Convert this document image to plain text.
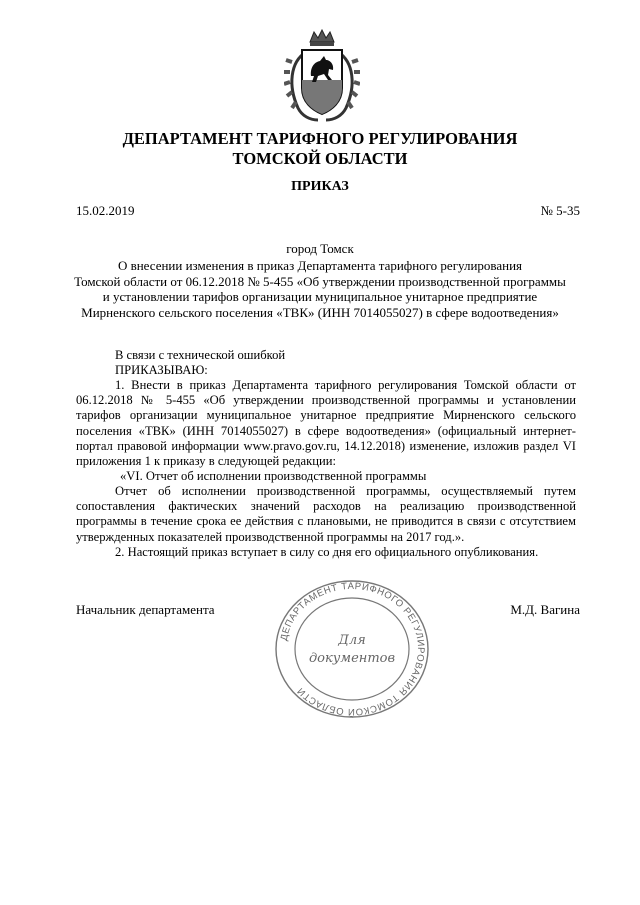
ДЕПАРТАМЕНТ ТАРИФНОГО РЕГУЛИРОВАНИЯ
ТОМСКОЙ ОБЛАСТИ
ПРИКАЗ
15.02.2019	№ 5-35
город Томск
О внесении изменения в приказ Департамента тарифного регулирования
Томской области от 06.12.2018 № 5-455 «Об утверждении производственной программы
и установлении тарифов организации муниципальное унитарное предприятие
Мирненского сельского поселения «ТВК» (ИНН 7014055027) в сфере водоотведения»
В связи с технической ошибкой
ПРИКАЗЫВАЮ:
1. Внести в приказ Департамента тарифного регулирования Томской области от 06.12.2018 № 5-455 «Об утверждении производственной программы и установлении тарифов организации муниципальное унитарное предприятие Мирненского сельского поселения «ТВК» (ИНН 7014055027) в сфере водоотведения» (официальный интернет-портал правовой информации www.pravo.gov.ru, 14.12.2018) изменение, изложив раздел VI приложения 1 к приказу в следующей редакции:
«VI. Отчет об исполнении производственной программы
Отчет об исполнении производственной программы, осуществляемый путем сопоставления фактических значений расходов на реализацию производственной программы в течение срока ее действия с плановыми, не приводится в связи с отсутствием утвержденных показателей производственной программы на 2017 год.».
2. Настоящий приказ вступает в силу со дня его официального опубликования.
Начальник департамента	М.Д. Вагина
ДЕПАРТАМЕНТ ТАРИФНОГО РЕГУЛИРОВАНИЯ ТОМСКОЙ ОБЛАСТИ
Для
документов
